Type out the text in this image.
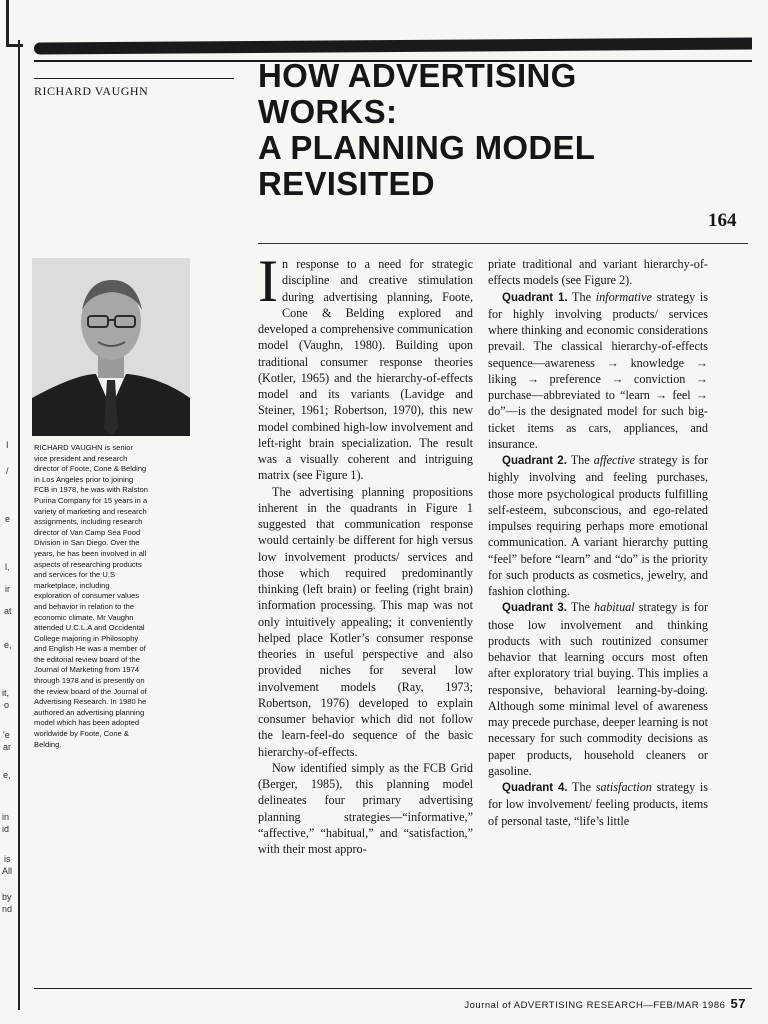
I
/
e
l,
ir
at
e,
it,
o
'e
ar
e,
in
id
is
All
by
nd
RICHARD VAUGHN	HOW ADVERTISING
WORKS:
A PLANNING MODEL
REVISITED
164

RICHARD VAUGHN is senior vice president and research director of Foote, Cone & Belding in Los Angeles prior to joining FCB in 1978, he was with Ralston Purina Company for 15 years in a variety of marketing and research assignments, including research director of Van Camp Sea Food Division in San Diego. Over the years, he has been involved in all aspects of researching products and services for the U.S marketplace, including exploration of consumer values and behavior in relation to the economic climate. Mr Vaughn attended U.C.L.A and Occidental College majoring in Philosophy and English He was a member of the editorial review board of the Journal of Marketing from 1974 through 1978 and is presently on the review board of the Journal of Advertising Research. In 1980 he authored an advertising planning model which has been adopted worldwide by Foote, Cone & Belding.

In response to a need for strategic discipline and creative stimulation during advertising planning, Foote, Cone & Belding explored and developed a comprehensive communication model (Vaughn, 1980). Building upon traditional consumer response theories (Kotler, 1965) and the hierarchy-of-effects model and its variants (Lavidge and Steiner, 1961; Robertson, 1970), this new model combined high-low involvement and left-right brain specialization. The result was a visually coherent and intriguing matrix (see Figure 1).

The advertising planning propositions inherent in the quadrants in Figure 1 suggested that communication response would certainly be different for high versus low involvement products/ services and those which required predominantly thinking (left brain) or feeling (right brain) information processing. This map was not only intuitively appealing; it conveniently helped place Kotler’s consumer response theories in useful perspective and also provided niches for several low involvement models (Ray, 1973; Robertson, 1976) developed to explain consumer behavior which did not follow the learn-feel-do sequence of the basic hierarchy-of-effects.

Now identified simply as the FCB Grid (Berger, 1985), this planning model delineates four primary advertising planning strategies—“informative,” “affective,” “habitual,” and “satisfaction,” with their most appro-

priate traditional and variant hierarchy-of-effects models (see Figure 2).

Quadrant 1. The informative strategy is for highly involving products/ services where thinking and economic considerations prevail. The classical hierarchy-of-effects sequence—awareness → knowledge → liking → preference → conviction → purchase—abbreviated to “learn → feel → do”—is the designated model for such big-ticket items as cars, appliances, and insurance.

Quadrant 2. The affective strategy is for highly involving and feeling purchases, those more psychological products fulfilling self-esteem, subconscious, and ego-related impulses requiring perhaps more emotional communication. A variant hierarchy putting “feel” before “learn” and “do” is the priority for such products as cosmetics, jewelry, and fashion clothing.

Quadrant 3. The habitual strategy is for those low involvement and thinking products with such routinized consumer behavior that learning occurs most often after exploratory trial buying. This implies a responsive, behavioral learning-by-doing. Although some minimal level of awareness may precede purchase, deeper learning is not necessary for such commodity decisions as paper products, household cleaners or gasoline.

Quadrant 4. The satisfaction strategy is for low involvement/ feeling products, items of personal taste, “life’s little

Journal of ADVERTISING RESEARCH—FEB/MAR 1986 57
